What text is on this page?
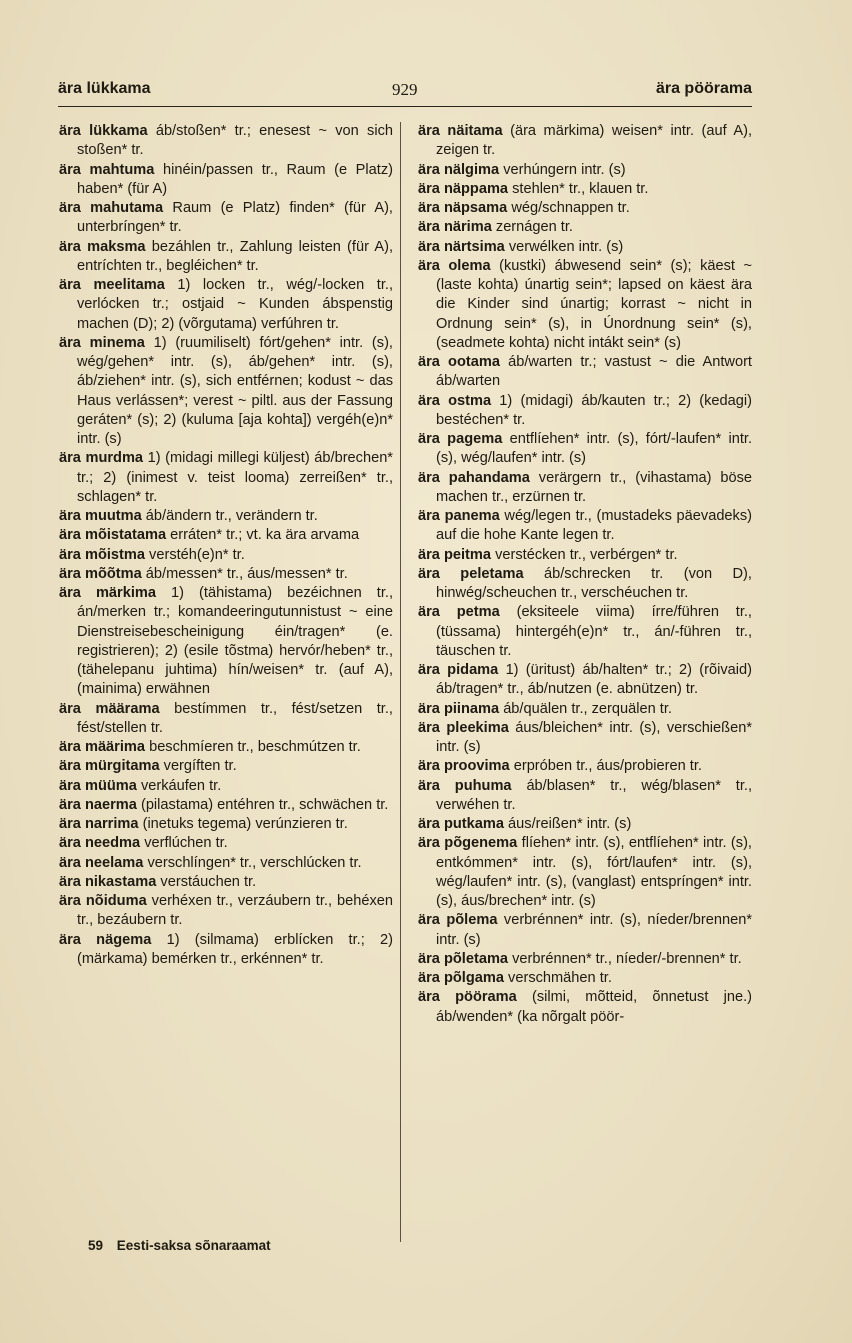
ära lükkama	929	ära pöörama

ära lükkama áb/stoßen* tr.; enesest ~ von sich stoßen* tr.

ära mahtuma hinéin/passen tr., Raum (e Platz) haben* (für A)

ära mahutama Raum (e Platz) finden* (für A), unterbríngen* tr.

ära maksma bezáhlen tr., Zahlung leisten (für A), entríchten tr., begléichen* tr.

ära meelitama 1) locken tr., wég/-locken tr., verlócken tr.; ostjaid ~ Kunden ábspenstig machen (D); 2) (võrgutama) verfúhren tr.

ära minema 1) (ruumiliselt) fórt/gehen* intr. (s), wég/gehen* intr. (s), áb/gehen* intr. (s), áb/ziehen* intr. (s), sich entférnen; kodust ~ das Haus verlássen*; verest ~ piltl. aus der Fassung geráten* (s); 2) (kuluma [aja kohta]) vergéh(e)n* intr. (s)

ära murdma 1) (midagi millegi küljest) áb/brechen* tr.; 2) (inimest v. teist looma) zerreißen* tr., schlagen* tr.

ära muutma áb/ändern tr., verändern tr.

ära mõistatama erráten* tr.; vt. ka ära arvama

ära mõistma verstéh(e)n* tr.

ära mõõtma áb/messen* tr., áus/messen* tr.

ära märkima 1) (tähistama) bezéichnen tr., án/merken tr.; komandeeringutunnistust ~ eine Dienstreisebescheinigung éin/tragen* (e. registrieren); 2) (esile tõstma) hervór/heben* tr., (tähelepanu juhtima) hín/weisen* tr. (auf A), (mainima) erwähnen

ära määrama bestímmen tr., fést/setzen tr., fést/stellen tr.

ära määrima beschmíeren tr., beschmútzen tr.

ära mürgitama vergíften tr.

ära müüma verkáufen tr.

ära naerma (pilastama) entéhren tr., schwächen tr.

ära narrima (inetuks tegema) verúnzieren tr.

ära needma verflúchen tr.

ära neelama verschlíngen* tr., verschlúcken tr.

ära nikastama verstáuchen tr.

ära nõiduma verhéxen tr., verzáubern tr., behéxen tr., bezáubern tr.

ära nägema 1) (silmama) erblícken tr.; 2) (märkama) bemérken tr., erkénnen* tr.

ära näitama (ära märkima) weisen* intr. (auf A), zeigen tr.

ära nälgima verhúngern intr. (s)

ära näppama stehlen* tr., klauen tr.

ära näpsama wég/schnappen tr.

ära närima zernágen tr.

ära närtsima verwélken intr. (s)

ära olema (kustki) ábwesend sein* (s); käest ~ (laste kohta) únartig sein*; lapsed on käest ära die Kinder sind únartig; korrast ~ nicht in Ordnung sein* (s), in Únordnung sein* (s), (seadmete kohta) nicht intákt sein* (s)

ära ootama áb/warten tr.; vastust ~ die Antwort áb/warten

ära ostma 1) (midagi) áb/kauten tr.; 2) (kedagi) bestéchen* tr.

ära pagema entflíehen* intr. (s), fórt/-laufen* intr. (s), wég/laufen* intr. (s)

ära pahandama verärgern tr., (vihastama) böse machen tr., erzürnen tr.

ära panema wég/legen tr., (mustadeks päevadeks) auf die hohe Kante legen tr.

ära peitma verstécken tr., verbérgen* tr.

ära peletama áb/schrecken tr. (von D), hinwég/scheuchen tr., verschéuchen tr.

ära petma (eksiteele viima) írre/führen tr., (tüssama) hintergéh(e)n* tr., án/-führen tr., täuschen tr.

ära pidama 1) (üritust) áb/halten* tr.; 2) (rõivaid) áb/tragen* tr., áb/nutzen (e. abnützen) tr.

ära piinama áb/quälen tr., zerquälen tr.

ära pleekima áus/bleichen* intr. (s), verschießen* intr. (s)

ära proovima erpróben tr., áus/probieren tr.

ära puhuma áb/blasen* tr., wég/blasen* tr., verwéhen tr.

ära putkama áus/reißen* intr. (s)

ära põgenema flíehen* intr. (s), entflíehen* intr. (s), entkómmen* intr. (s), fórt/laufen* intr. (s), wég/laufen* intr. (s), (vanglast) entspríngen* intr. (s), áus/brechen* intr. (s)

ära põlema verbrénnen* intr. (s), níeder/brennen* intr. (s)

ära põletama verbrénnen* tr., níeder/-brennen* tr.

ära põlgama verschmähen tr.

ära pöörama (silmi, mõtteid, õnnetust jne.) áb/wenden* (ka nõrgalt pöör-

59 Eesti-saksa sõnaraamat
